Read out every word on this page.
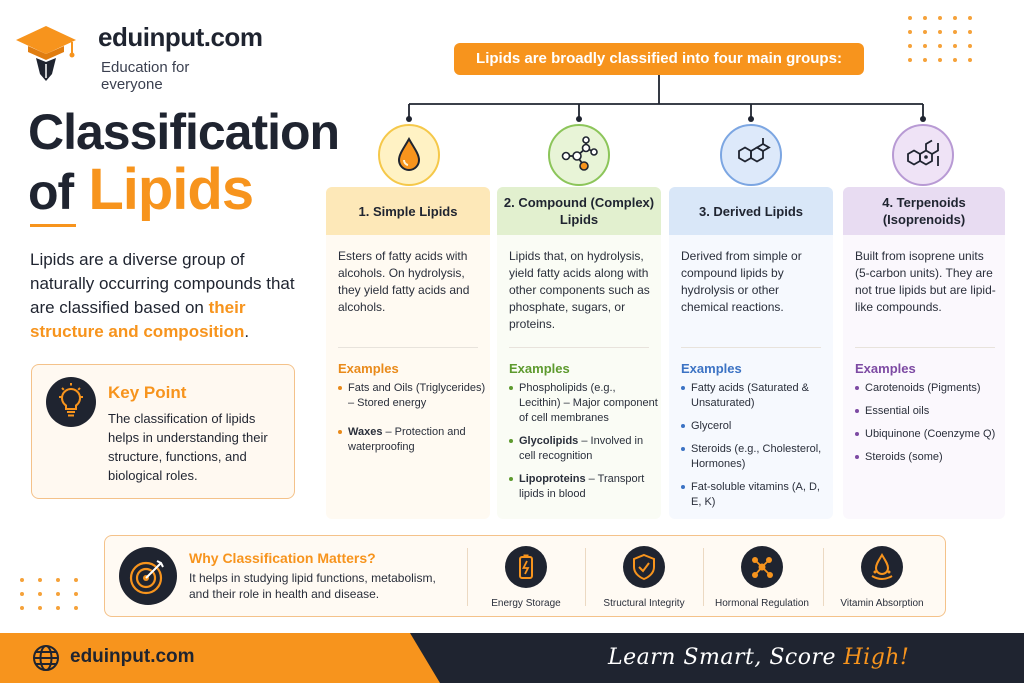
eduinput.com
Education for everyone
Classification
of Lipids

Lipids are a diverse group of naturally occurring compounds that are classified based on their structure and composition.

Key Point
The classification of lipids helps in understanding their structure, functions, and biological roles.
Lipids are broadly classified into four main groups:
1. Simple Lipids
Esters of fatty acids with alcohols. On hydrolysis, they yield fatty acids and alcohols.
Examples
Fats and Oils (Triglycerides) – Stored energy
Waxes – Protection and waterproofing
2. Compound (Complex) Lipids
Lipids that, on hydrolysis, yield fatty acids along with other components such as phosphate, sugars, or proteins.
Examples
Phospholipids (e.g., Lecithin) – Major component of cell membranes
Glycolipids – Involved in cell recognition
Lipoproteins – Transport lipids in blood
3. Derived Lipids
Derived from simple or compound lipids by hydrolysis or other chemical reactions.
Examples
Fatty acids (Saturated & Unsaturated)
Glycerol
Steroids (e.g., Cholesterol, Hormones)
Fat-soluble vitamins (A, D, E, K)
4. Terpenoids (Isoprenoids)
Built from isoprene units (5-carbon units). They are not true lipids but are lipid-like compounds.
Examples
Carotenoids (Pigments)
Essential oils
Ubiquinone (Coenzyme Q)
Steroids (some)
Why Classification Matters?
It helps in studying lipid functions, metabolism, and their role in health and disease.
Energy Storage	Structural Integrity	Hormonal Regulation	Vitamin Absorption
eduinput.com	Learn Smart, Score High!
